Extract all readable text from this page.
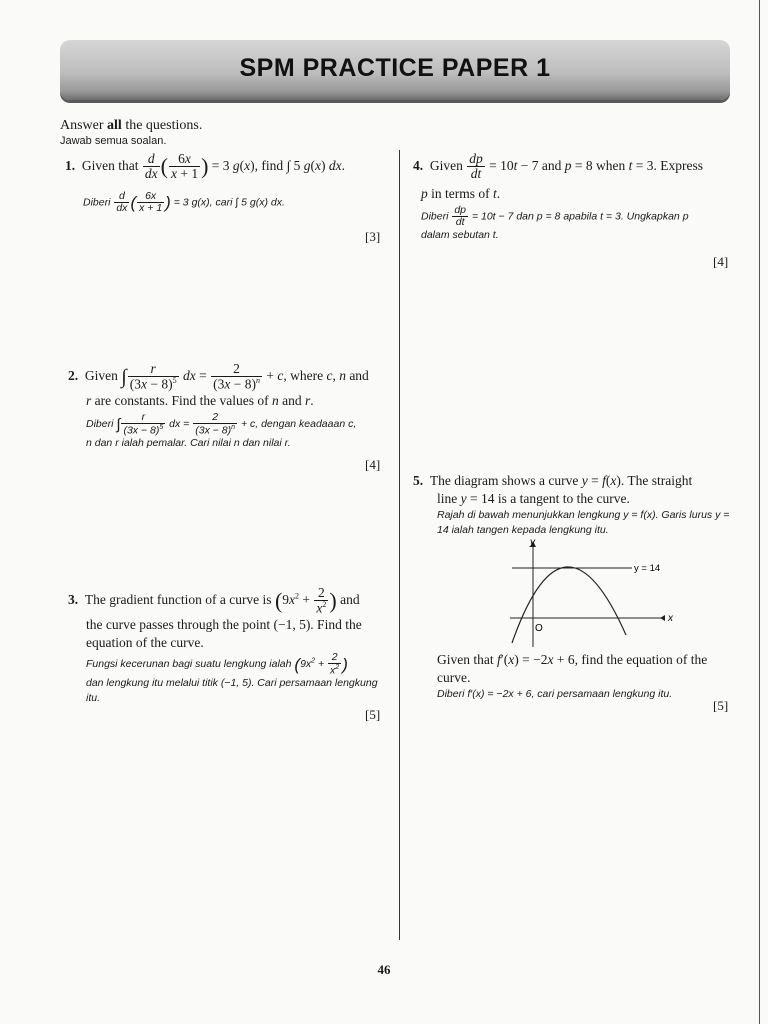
SPM PRACTICE PAPER 1
Answer all the questions.
Jawab semua soalan.
1.  Given that $\frac{d}{dx}$ ( $\frac{6x}{x + 1}$ ) = 3 g(x), find ∫ 5 g(x) dx.
Diberi $\frac{d}{dx}$ ( $\frac{6x}{x + 1}$ ) = 3 g(x), cari ∫ 5 g(x) dx.
[3]
2.  Given ∫ $\frac{r}{(3x - 8)^5}$ dx = $\frac{2}{(3x - 8)^n} + c$, where c, n and
r are constants. Find the values of n and r.
Diberi ∫ $\frac{r}{(3x - 8)^5}$ dx = $\frac{2}{(3x - 8)^n} + c$, dengan keadaaan c,
n dan r ialah pemalar. Cari nilai n dan nilai r.
[4]
3.  The gradient function of a curve is ($9x^2 + \frac{2}{x^2}$ ) and
the curve passes through the point (−1, 5). Find the equation of the curve.
Fungsi kecerunan bagi suatu lengkung ialah ($9x^2 + \frac{2}{x^2}$ )
dan lengkung itu melalui titik (−1, 5). Cari persamaan lengkung itu.
[5]
4.  Given $\frac{dp}{dt} = 10t - 7$ and p = 8 when t = 3. Express
p in terms of t.
Diberi $\frac{dp}{dt} = 10t - 7$ dan p = 8 apabila t = 3. Ungkapkan p
dalam sebutan t.
[4]
5.  The diagram shows a curve y = f(x). The straight
line y = 14 is a tangent to the curve.
Rajah di bawah menunjukkan lengkung y = f(x). Garis lurus y = 14 ialah tangen kepada lengkung itu.
O
x
y
y = 14
Given that f′(x) = −2x + 6, find the equation of the curve.
Diberi f′(x) = −2x + 6, cari persamaan lengkung itu.
[5]
46
